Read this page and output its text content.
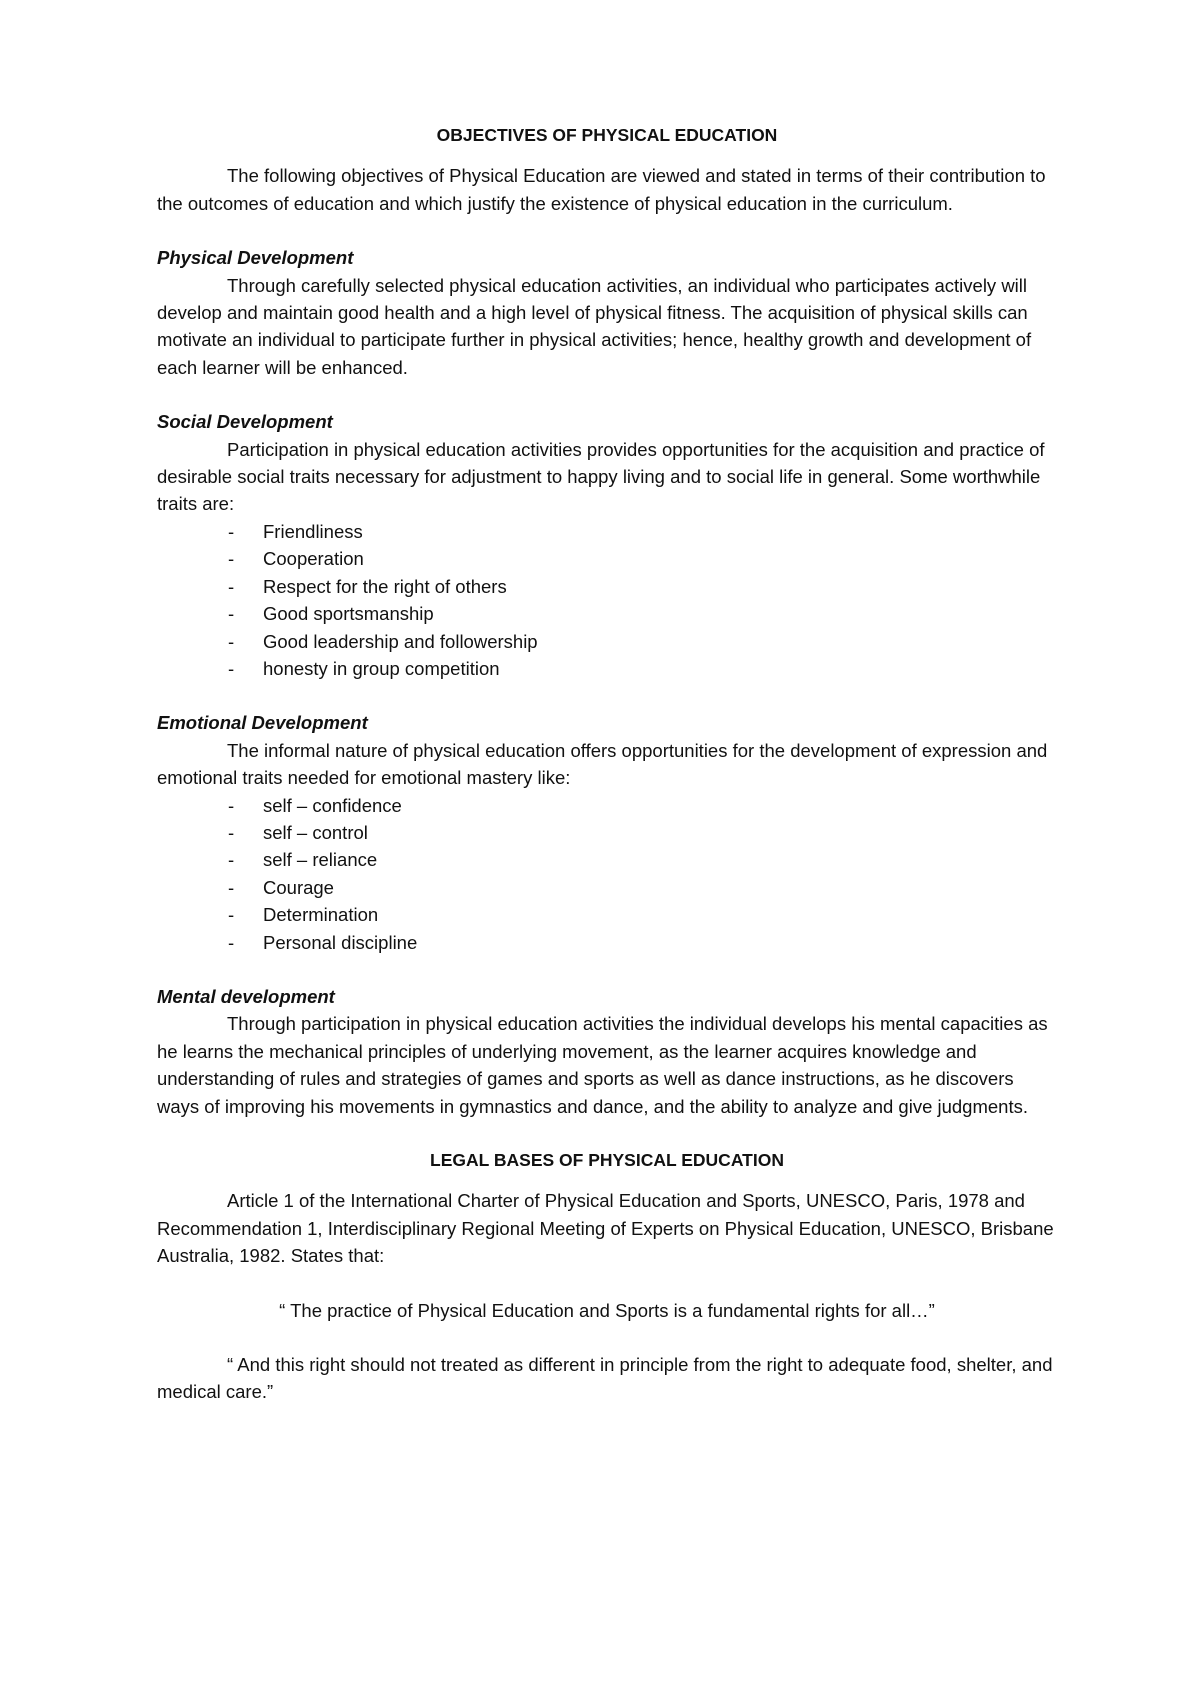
OBJECTIVES OF PHYSICAL EDUCATION

The following objectives of Physical Education are viewed and stated in terms of their contribution to the outcomes of education and which justify the existence of physical education in the curriculum.

Physical Development

Through carefully selected physical education activities, an individual who participates actively will develop and maintain good health and a high level of physical fitness. The acquisition of physical skills can motivate an individual to participate further in physical activities; hence, healthy growth and development of each learner will be enhanced.

Social Development

Participation in physical education activities provides opportunities for the acquisition and practice of desirable social traits necessary for adjustment to happy living and to social life in general. Some worthwhile traits are:

- Friendliness
- Cooperation
- Respect for the right of others
- Good sportsmanship
- Good leadership and followership
- honesty in group competition

Emotional Development

The informal nature of physical education offers opportunities for the development of expression and emotional traits needed for emotional mastery like:

- self – confidence
- self – control
- self – reliance
- Courage
- Determination
- Personal discipline

Mental development

Through participation in physical education activities the individual develops his mental capacities as he learns the mechanical principles of underlying movement, as the learner acquires knowledge and understanding of rules and strategies of games and sports as well as dance instructions, as he discovers ways of improving his movements in gymnastics and dance, and the ability to analyze and give judgments.

LEGAL BASES OF PHYSICAL EDUCATION

Article 1 of the International Charter of Physical Education and Sports, UNESCO, Paris, 1978 and Recommendation 1, Interdisciplinary Regional Meeting of Experts on Physical Education, UNESCO, Brisbane Australia, 1982. States that:

“ The practice of Physical Education and Sports is a fundamental rights for all…”

“ And this right should not treated as different in principle from the right to adequate food, shelter, and medical care.”
